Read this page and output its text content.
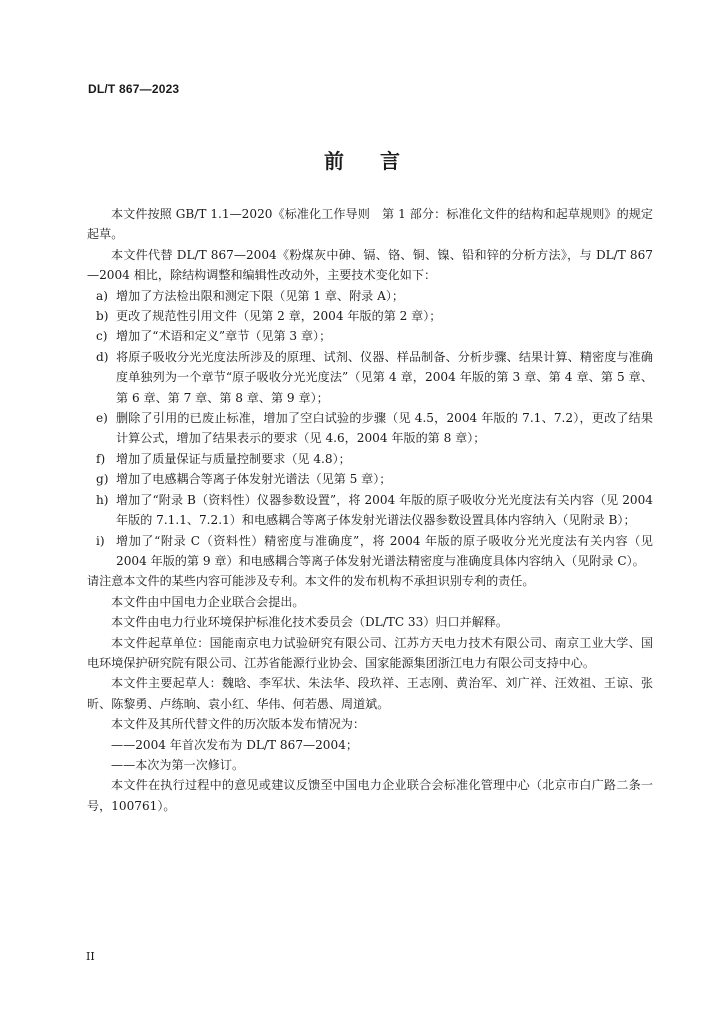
DL/T 867—2023
前 言

本文件按照 GB/T 1.1—2020《标准化工作导则　第 1 部分：标准化文件的结构和起草规则》的规定起草。

本文件代替 DL/T 867—2004《粉煤灰中砷、镉、铬、铜、镍、铅和锌的分析方法》，与 DL/T 867—2004 相比，除结构调整和编辑性改动外，主要技术变化如下：

a) 增加了方法检出限和测定下限（见第 1 章、附录 A）；
b) 更改了规范性引用文件（见第 2 章，2004 年版的第 2 章）；
c) 增加了“术语和定义”章节（见第 3 章）；
d) 将原子吸收分光光度法所涉及的原理、试剂、仪器、样品制备、分析步骤、结果计算、精密度与准确度单独列为一个章节“原子吸收分光光度法”（见第 4 章，2004 年版的第 3 章、第 4 章、第 5 章、第 6 章、第 7 章、第 8 章、第 9 章）；
e) 删除了引用的已废止标准，增加了空白试验的步骤（见 4.5，2004 年版的 7.1、7.2），更改了结果计算公式，增加了结果表示的要求（见 4.6，2004 年版的第 8 章）；
f) 增加了质量保证与质量控制要求（见 4.8）；
g) 增加了电感耦合等离子体发射光谱法（见第 5 章）；
h) 增加了“附录 B（资料性）仪器参数设置”，将 2004 年版的原子吸收分光光度法有关内容（见 2004 年版的 7.1.1、7.2.1）和电感耦合等离子体发射光谱法仪器参数设置具体内容纳入（见附录 B）；
i) 增加了“附录 C（资料性）精密度与准确度”，将 2004 年版的原子吸收分光光度法有关内容（见 2004 年版的第 9 章）和电感耦合等离子体发射光谱法精密度与准确度具体内容纳入（见附录 C）。

请注意本文件的某些内容可能涉及专利。本文件的发布机构不承担识别专利的责任。

本文件由中国电力企业联合会提出。

本文件由电力行业环境保护标准化技术委员会（DL/TC 33）归口并解释。

本文件起草单位：国能南京电力试验研究有限公司、江苏方天电力技术有限公司、南京工业大学、国电环境保护研究院有限公司、江苏省能源行业协会、国家能源集团浙江电力有限公司支持中心。

本文件主要起草人：魏晗、李军状、朱法华、段玖祥、王志刚、黄治军、刘广祥、汪效祖、王谅、张昕、陈黎勇、卢练晌、袁小红、华伟、何若愚、周道斌。

本文件及其所代替文件的历次版本发布情况为：

——2004 年首次发布为 DL/T 867—2004；

——本次为第一次修订。

本文件在执行过程中的意见或建议反馈至中国电力企业联合会标准化管理中心（北京市白广路二条一号，100761）。

II
